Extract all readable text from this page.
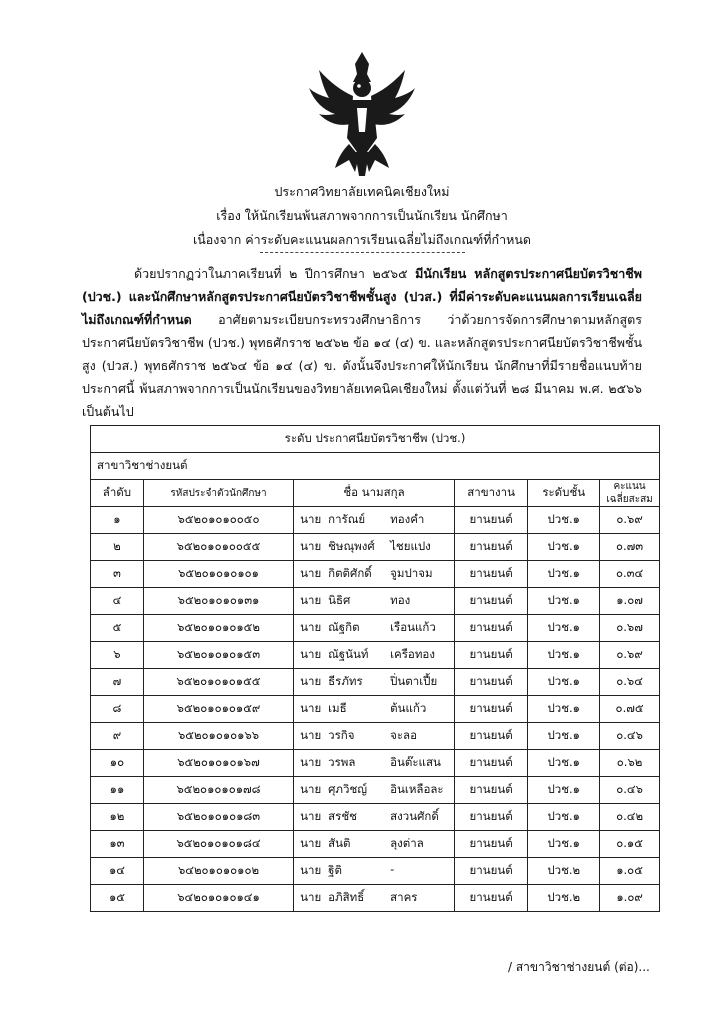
ประกาศวิทยาลัยเทคนิคเชียงใหม่
เรื่อง ให้นักเรียนพ้นสภาพจากการเป็นนักเรียน นักศึกษา
เนื่องจาก ค่าระดับคะแนนผลการเรียนเฉลี่ยไม่ถึงเกณฑ์ที่กำหนด

ด้วยปรากฏว่าในภาคเรียนที่ ๒ ปีการศึกษา ๒๕๖๕ มีนักเรียน หลักสูตรประกาศนียบัตรวิชาชีพ (ปวช.) และนักศึกษาหลักสูตรประกาศนียบัตรวิชาชีพชั้นสูง (ปวส.) ที่มีค่าระดับคะแนนผลการเรียนเฉลี่ยไม่ถึงเกณฑ์ที่กำหนด อาศัยตามระเบียบกระทรวงศึกษาธิการ ว่าด้วยการจัดการศึกษาตามหลักสูตรประกาศนียบัตรวิชาชีพ (ปวช.) พุทธศักราช ๒๕๖๒ ข้อ ๑๔ (๔) ข. และหลักสูตรประกาศนียบัตรวิชาชีพชั้นสูง (ปวส.) พุทธศักราช ๒๕๖๔ ข้อ ๑๔ (๔) ข. ดังนั้นจึงประกาศให้นักเรียน นักศึกษาที่มีรายชื่อแนบท้ายประกาศนี้ พ้นสภาพจากการเป็นนักเรียนของวิทยาลัยเทคนิคเชียงใหม่ ตั้งแต่วันที่ ๒๘ มีนาคม พ.ศ. ๒๕๖๖ เป็นต้นไป

ระดับ ประกาศนียบัตรวิชาชีพ (ปวช.)					
สาขาวิชาช่างยนต์					
ลำดับ	รหัสประจำตัวนักศึกษา	ชื่อ นามสกุล	สาขางาน	ระดับชั้น	คะแนนเฉลี่ยสะสม
๑	๖๕๒๐๑๐๑๐๐๕๐	นาย การัณย์ ทองคำ	ยานยนต์	ปวช.๑	๐.๖๙
๒	๖๕๒๐๑๐๑๐๐๕๕	นาย ชิษณุพงศ์ ไชยแปง	ยานยนต์	ปวช.๑	๐.๗๓
๓	๖๕๒๐๑๐๑๐๑๐๑	นาย กิตติศักดิ์ จูมปาจม	ยานยนต์	ปวช.๑	๐.๓๔
๔	๖๕๒๐๑๐๑๐๑๓๑	นาย นิธิศ ทอง	ยานยนต์	ปวช.๑	๑.๐๗
๕	๖๕๒๐๑๐๑๐๑๕๒	นาย ณัฐกิต เรือนแก้ว	ยานยนต์	ปวช.๑	๐.๖๗
๖	๖๕๒๐๑๐๑๐๑๕๓	นาย ณัฐนันท์ เครือทอง	ยานยนต์	ปวช.๑	๐.๖๙
๗	๖๕๒๐๑๐๑๐๑๕๕	นาย ธีรภัทร ปิ่นตาเปี้ย	ยานยนต์	ปวช.๑	๐.๖๔
๘	๖๕๒๐๑๐๑๐๑๕๙	นาย เมธี ต้นแก้ว	ยานยนต์	ปวช.๑	๐.๗๕
๙	๖๕๒๐๑๐๑๐๑๖๖	นาย วรกิจ จะลอ	ยานยนต์	ปวช.๑	๐.๔๖
๑๐	๖๕๒๐๑๐๑๐๑๖๗	นาย วรพล อินต๊ะแสน	ยานยนต์	ปวช.๑	๐.๖๒
๑๑	๖๕๒๐๑๐๑๐๑๗๘	นาย ศุภวิชญ์ อินเหลือละ	ยานยนต์	ปวช.๑	๐.๔๖
๑๒	๖๕๒๐๑๐๑๐๑๘๓	นาย สรชัช สงวนศักดิ์	ยานยนต์	ปวช.๑	๐.๔๒
๑๓	๖๕๒๐๑๐๑๐๑๘๔	นาย สันติ ลุงต่าล	ยานยนต์	ปวช.๑	๐.๑๕
๑๔	๖๔๒๐๑๐๑๐๑๐๒	นาย ฐิติ -	ยานยนต์	ปวช.๒	๑.๐๕
๑๕	๖๔๒๐๑๐๑๐๑๔๑	นาย อภิสิทธิ์ สาคร	ยานยนต์	ปวช.๒	๑.๐๙
/ สาขาวิชาช่างยนต์ (ต่อ)...
